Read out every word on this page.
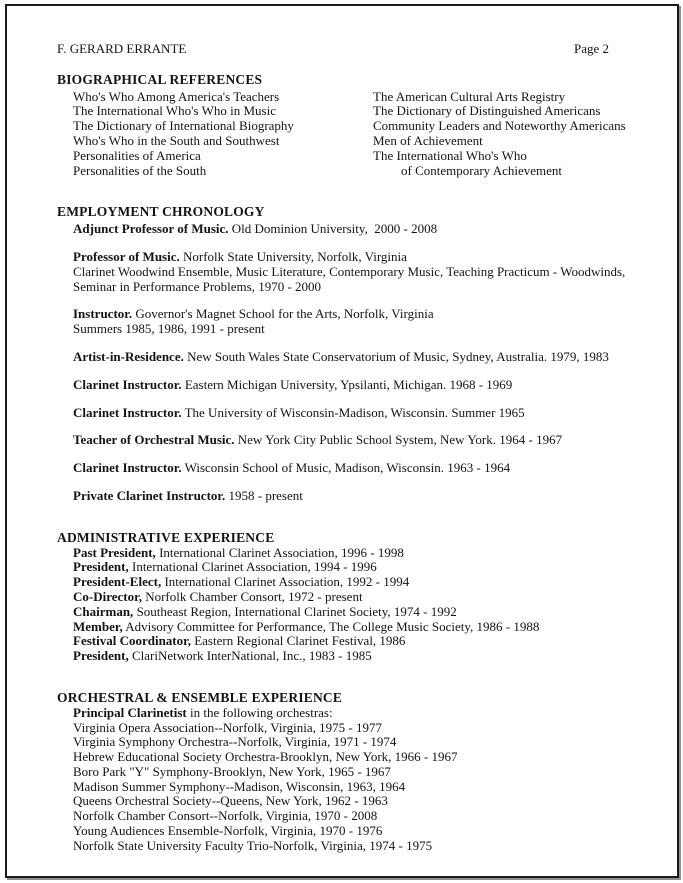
F. GERARD ERRANTE	Page 2
BIOGRAPHICAL REFERENCES
Who's Who Among America's Teachers
The International Who's Who in Music
The Dictionary of International Biography
Who's Who in the South and Southwest
Personalities of America
Personalities of the South
The American Cultural Arts Registry
The Dictionary of Distinguished Americans
Community Leaders and Noteworthy Americans
Men of Achievement
The International Who's Who
of Contemporary Achievement
EMPLOYMENT CHRONOLOGY
Adjunct Professor of Music. Old Dominion University,  2000 - 2008
Professor of Music. Norfolk State University, Norfolk, Virginia
Clarinet Woodwind Ensemble, Music Literature, Contemporary Music, Teaching Practicum - Woodwinds,
Seminar in Performance Problems, 1970 - 2000
Instructor. Governor's Magnet School for the Arts, Norfolk, Virginia
Summers 1985, 1986, 1991 - present
Artist-in-Residence. New South Wales State Conservatorium of Music, Sydney, Australia. 1979, 1983
Clarinet Instructor. Eastern Michigan University, Ypsilanti, Michigan. 1968 - 1969
Clarinet Instructor. The University of Wisconsin-Madison, Wisconsin. Summer 1965
Teacher of Orchestral Music. New York City Public School System, New York. 1964 - 1967
Clarinet Instructor. Wisconsin School of Music, Madison, Wisconsin. 1963 - 1964
Private Clarinet Instructor. 1958 - present
ADMINISTRATIVE EXPERIENCE
Past President, International Clarinet Association, 1996 - 1998
President, International Clarinet Association, 1994 - 1996
President-Elect, International Clarinet Association, 1992 - 1994
Co-Director, Norfolk Chamber Consort, 1972 - present
Chairman, Southeast Region, International Clarinet Society, 1974 - 1992
Member, Advisory Committee for Performance, The College Music Society, 1986 - 1988
Festival Coordinator, Eastern Regional Clarinet Festival, 1986
President, ClariNetwork InterNational, Inc., 1983 - 1985
ORCHESTRAL & ENSEMBLE EXPERIENCE
Principal Clarinetist in the following orchestras:
Virginia Opera Association--Norfolk, Virginia, 1975 - 1977
Virginia Symphony Orchestra--Norfolk, Virginia, 1971 - 1974
Hebrew Educational Society Orchestra-Brooklyn, New York, 1966 - 1967
Boro Park "Y" Symphony-Brooklyn, New York, 1965 - 1967
Madison Summer Symphony--Madison, Wisconsin, 1963, 1964
Queens Orchestral Society--Queens, New York, 1962 - 1963
Norfolk Chamber Consort--Norfolk, Virginia, 1970 - 2008
Young Audiences Ensemble-Norfolk, Virginia, 1970 - 1976
Norfolk State University Faculty Trio-Norfolk, Virginia, 1974 - 1975
